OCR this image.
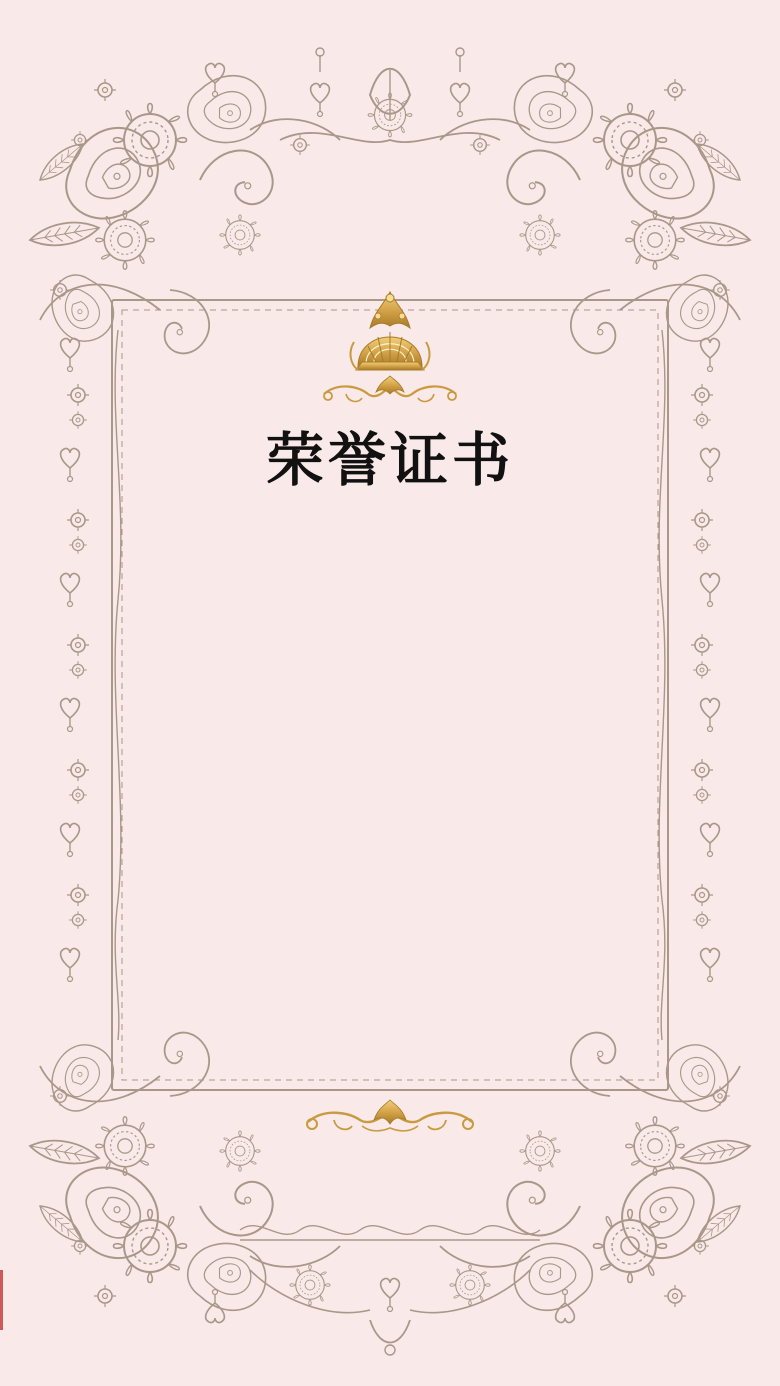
荣誉证书
